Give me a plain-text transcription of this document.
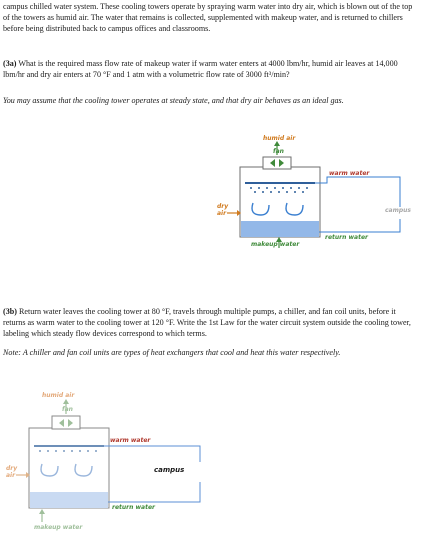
campus chilled water system. These cooling towers operate by spraying warm water into dry air, which is blown out of the top of the towers as humid air. The water that remains is collected, supplemented with makeup water, and is returned to chillers before being distributed back to campus offices and classrooms.

(3a) What is the required mass flow rate of makeup water if warm water enters at 4000 lbm/hr, humid air leaves at 14,000 lbm/hr and dry air enters at 70 °F and 1 atm with a volumetric flow rate of 3000 ft³/min?

You may assume that the cooling tower operates at steady state, and that dry air behaves as an ideal gas.

humid air
fan
warm water
dry air	campus
return water
makeup water

(3b) Return water leaves the cooling tower at 80 °F, travels through multiple pumps, a chiller, and fan coil units, before it returns as warm water to the cooling tower at 120 °F. Write the 1st Law for the water circuit system outside the cooling tower, labeling which steady flow devices correspond to which terms.

Note: A chiller and fan coil units are types of heat exchangers that cool and heat this water respectively.

humid air
fan
warm water
dry air
campus
return water
makeup water
